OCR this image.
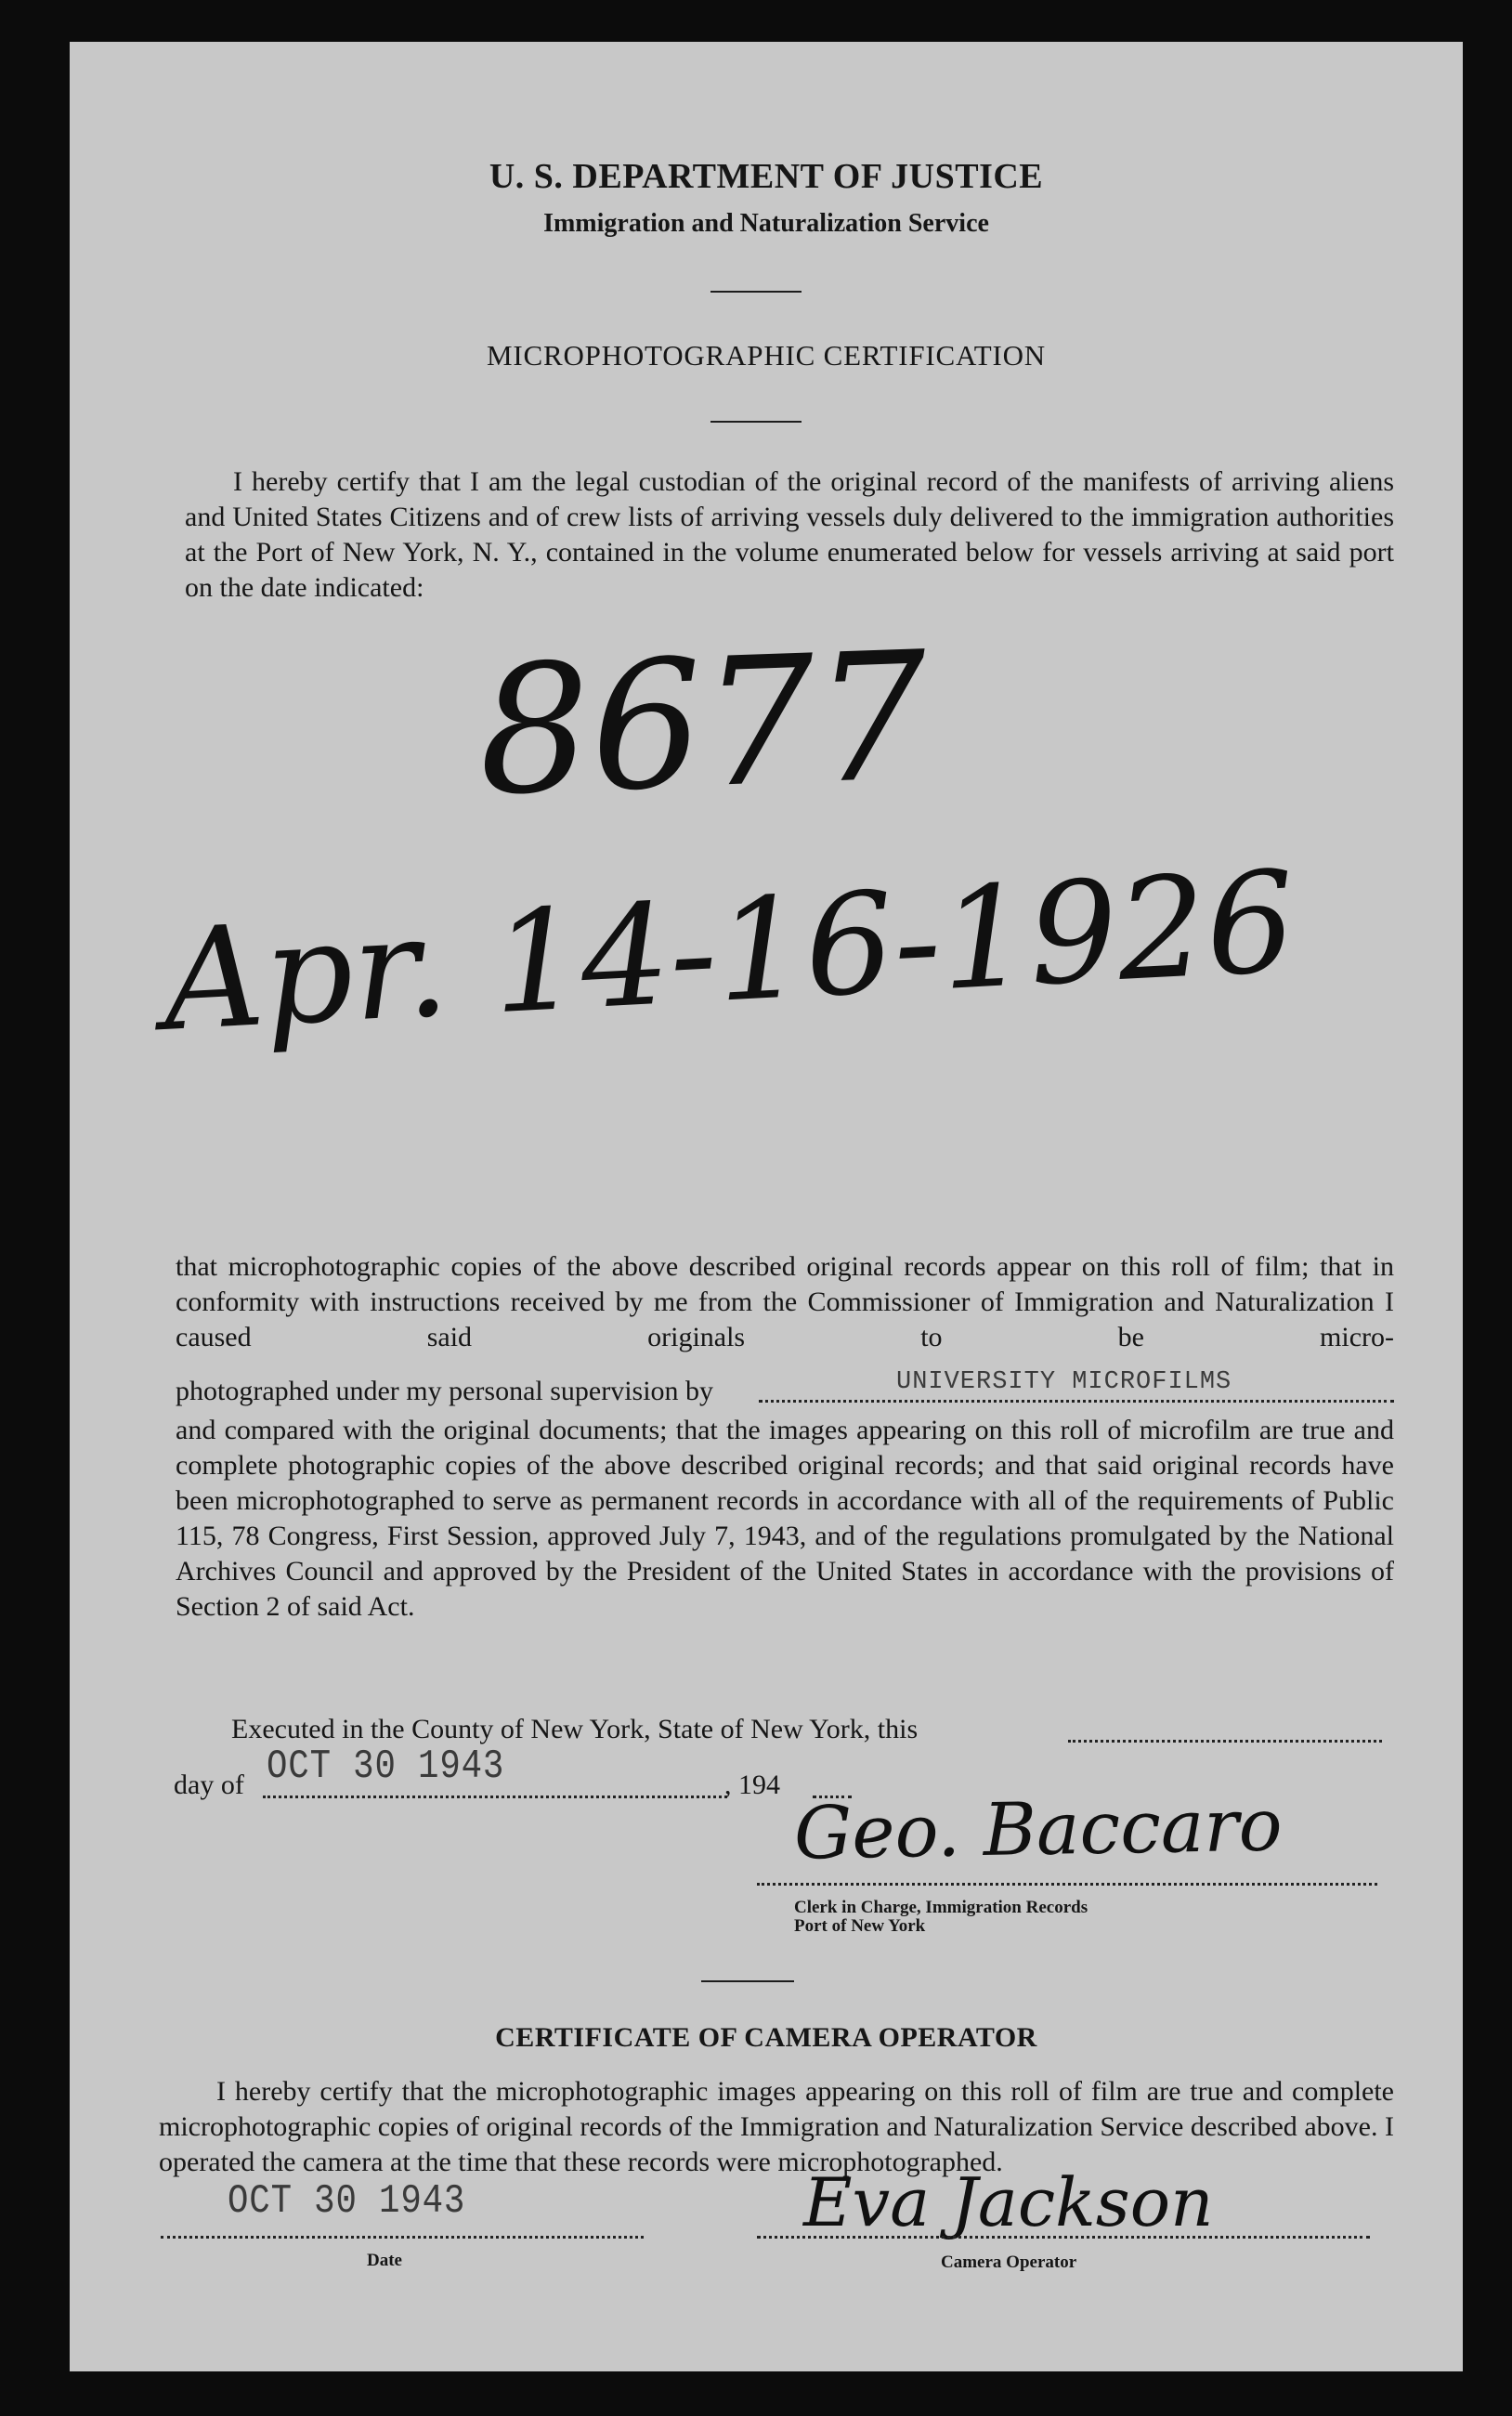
U. S. DEPARTMENT OF JUSTICE
Immigration and Naturalization Service
MICROPHOTOGRAPHIC CERTIFICATION

I hereby certify that I am the legal custodian of the original record of the manifests of arriving aliens and United States Citizens and of crew lists of arriving vessels duly delivered to the immigration authorities at the Port of New York, N. Y., contained in the volume enumerated below for vessels arriving at said port on the date indicated:

8677
Apr. 14-16-1926

that microphotographic copies of the above described original records appear on this roll of film; that in conformity with instructions received by me from the Commissioner of Immigration and Naturalization I caused said originals to be micro-

photographed under my personal supervision by	UNIVERSITY MICROFILMS

and compared with the original documents; that the images appearing on this roll of microfilm are true and complete photographic copies of the above described original records; and that said original records have been microphotographed to serve as permanent records in accordance with all of the requirements of Public 115, 78 Congress, First Session, approved July 7, 1943, and of the regulations promulgated by the National Archives Council and approved by the President of the United States in accordance with the provisions of Section 2 of said Act.

Executed in the County of New York, State of New York, this
day of OCT 30 1943	, 194 Geo. Baccaro
Clerk in Charge, Immigration Records
Port of New York
CERTIFICATE OF CAMERA OPERATOR

I hereby certify that the microphotographic images appearing on this roll of film are true and complete microphotographic copies of original records of the Immigration and Naturalization Service described above. I operated the camera at the time that these records were microphotographed.

OCT 30 1943
Date
Eva Jackson
Camera Operator
